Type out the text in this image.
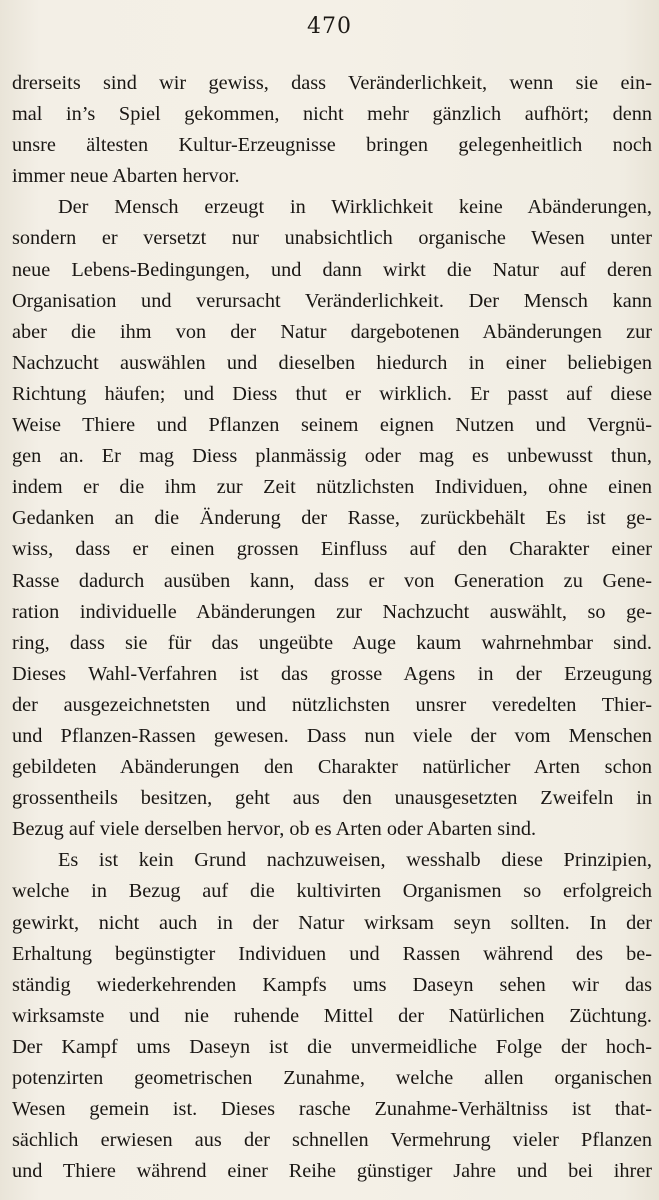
470
drerseits sind wir gewiss, dass Veränderlichkeit, wenn sie ein-
mal in’s Spiel gekommen, nicht mehr gänzlich aufhört; denn
unsre ältesten Kultur-Erzeugnisse bringen gelegenheitlich noch
immer neue Abarten hervor.
Der Mensch erzeugt in Wirklichkeit keine Abänderungen,
sondern er versetzt nur unabsichtlich organische Wesen unter
neue Lebens-Bedingungen, und dann wirkt die Natur auf deren
Organisation und verursacht Veränderlichkeit. Der Mensch kann
aber die ihm von der Natur dargebotenen Abänderungen zur
Nachzucht auswählen und dieselben hiedurch in einer beliebigen
Richtung häufen; und Diess thut er wirklich. Er passt auf diese
Weise Thiere und Pflanzen seinem eignen Nutzen und Vergnü-
gen an. Er mag Diess planmässig oder mag es unbewusst thun,
indem er die ihm zur Zeit nützlichsten Individuen, ohne einen
Gedanken an die Änderung der Rasse, zurückbehält Es ist ge-
wiss, dass er einen grossen Einfluss auf den Charakter einer
Rasse dadurch ausüben kann, dass er von Generation zu Gene-
ration individuelle Abänderungen zur Nachzucht auswählt, so ge-
ring, dass sie für das ungeübte Auge kaum wahrnehmbar sind.
Dieses Wahl-Verfahren ist das grosse Agens in der Erzeugung
der ausgezeichnetsten und nützlichsten unsrer veredelten Thier-
und Pflanzen-Rassen gewesen. Dass nun viele der vom Menschen
gebildeten Abänderungen den Charakter natürlicher Arten schon
grossentheils besitzen, geht aus den unausgesetzten Zweifeln in
Bezug auf viele derselben hervor, ob es Arten oder Abarten sind.
Es ist kein Grund nachzuweisen, wesshalb diese Prinzipien,
welche in Bezug auf die kultivirten Organismen so erfolgreich
gewirkt, nicht auch in der Natur wirksam seyn sollten. In der
Erhaltung begünstigter Individuen und Rassen während des be-
ständig wiederkehrenden Kampfs ums Daseyn sehen wir das
wirksamste und nie ruhende Mittel der Natürlichen Züchtung.
Der Kampf ums Daseyn ist die unvermeidliche Folge der hoch-
potenzirten geometrischen Zunahme, welche allen organischen
Wesen gemein ist. Dieses rasche Zunahme-Verhältniss ist that-
sächlich erwiesen aus der schnellen Vermehrung vieler Pflanzen
und Thiere während einer Reihe günstiger Jahre und bei ihrer
